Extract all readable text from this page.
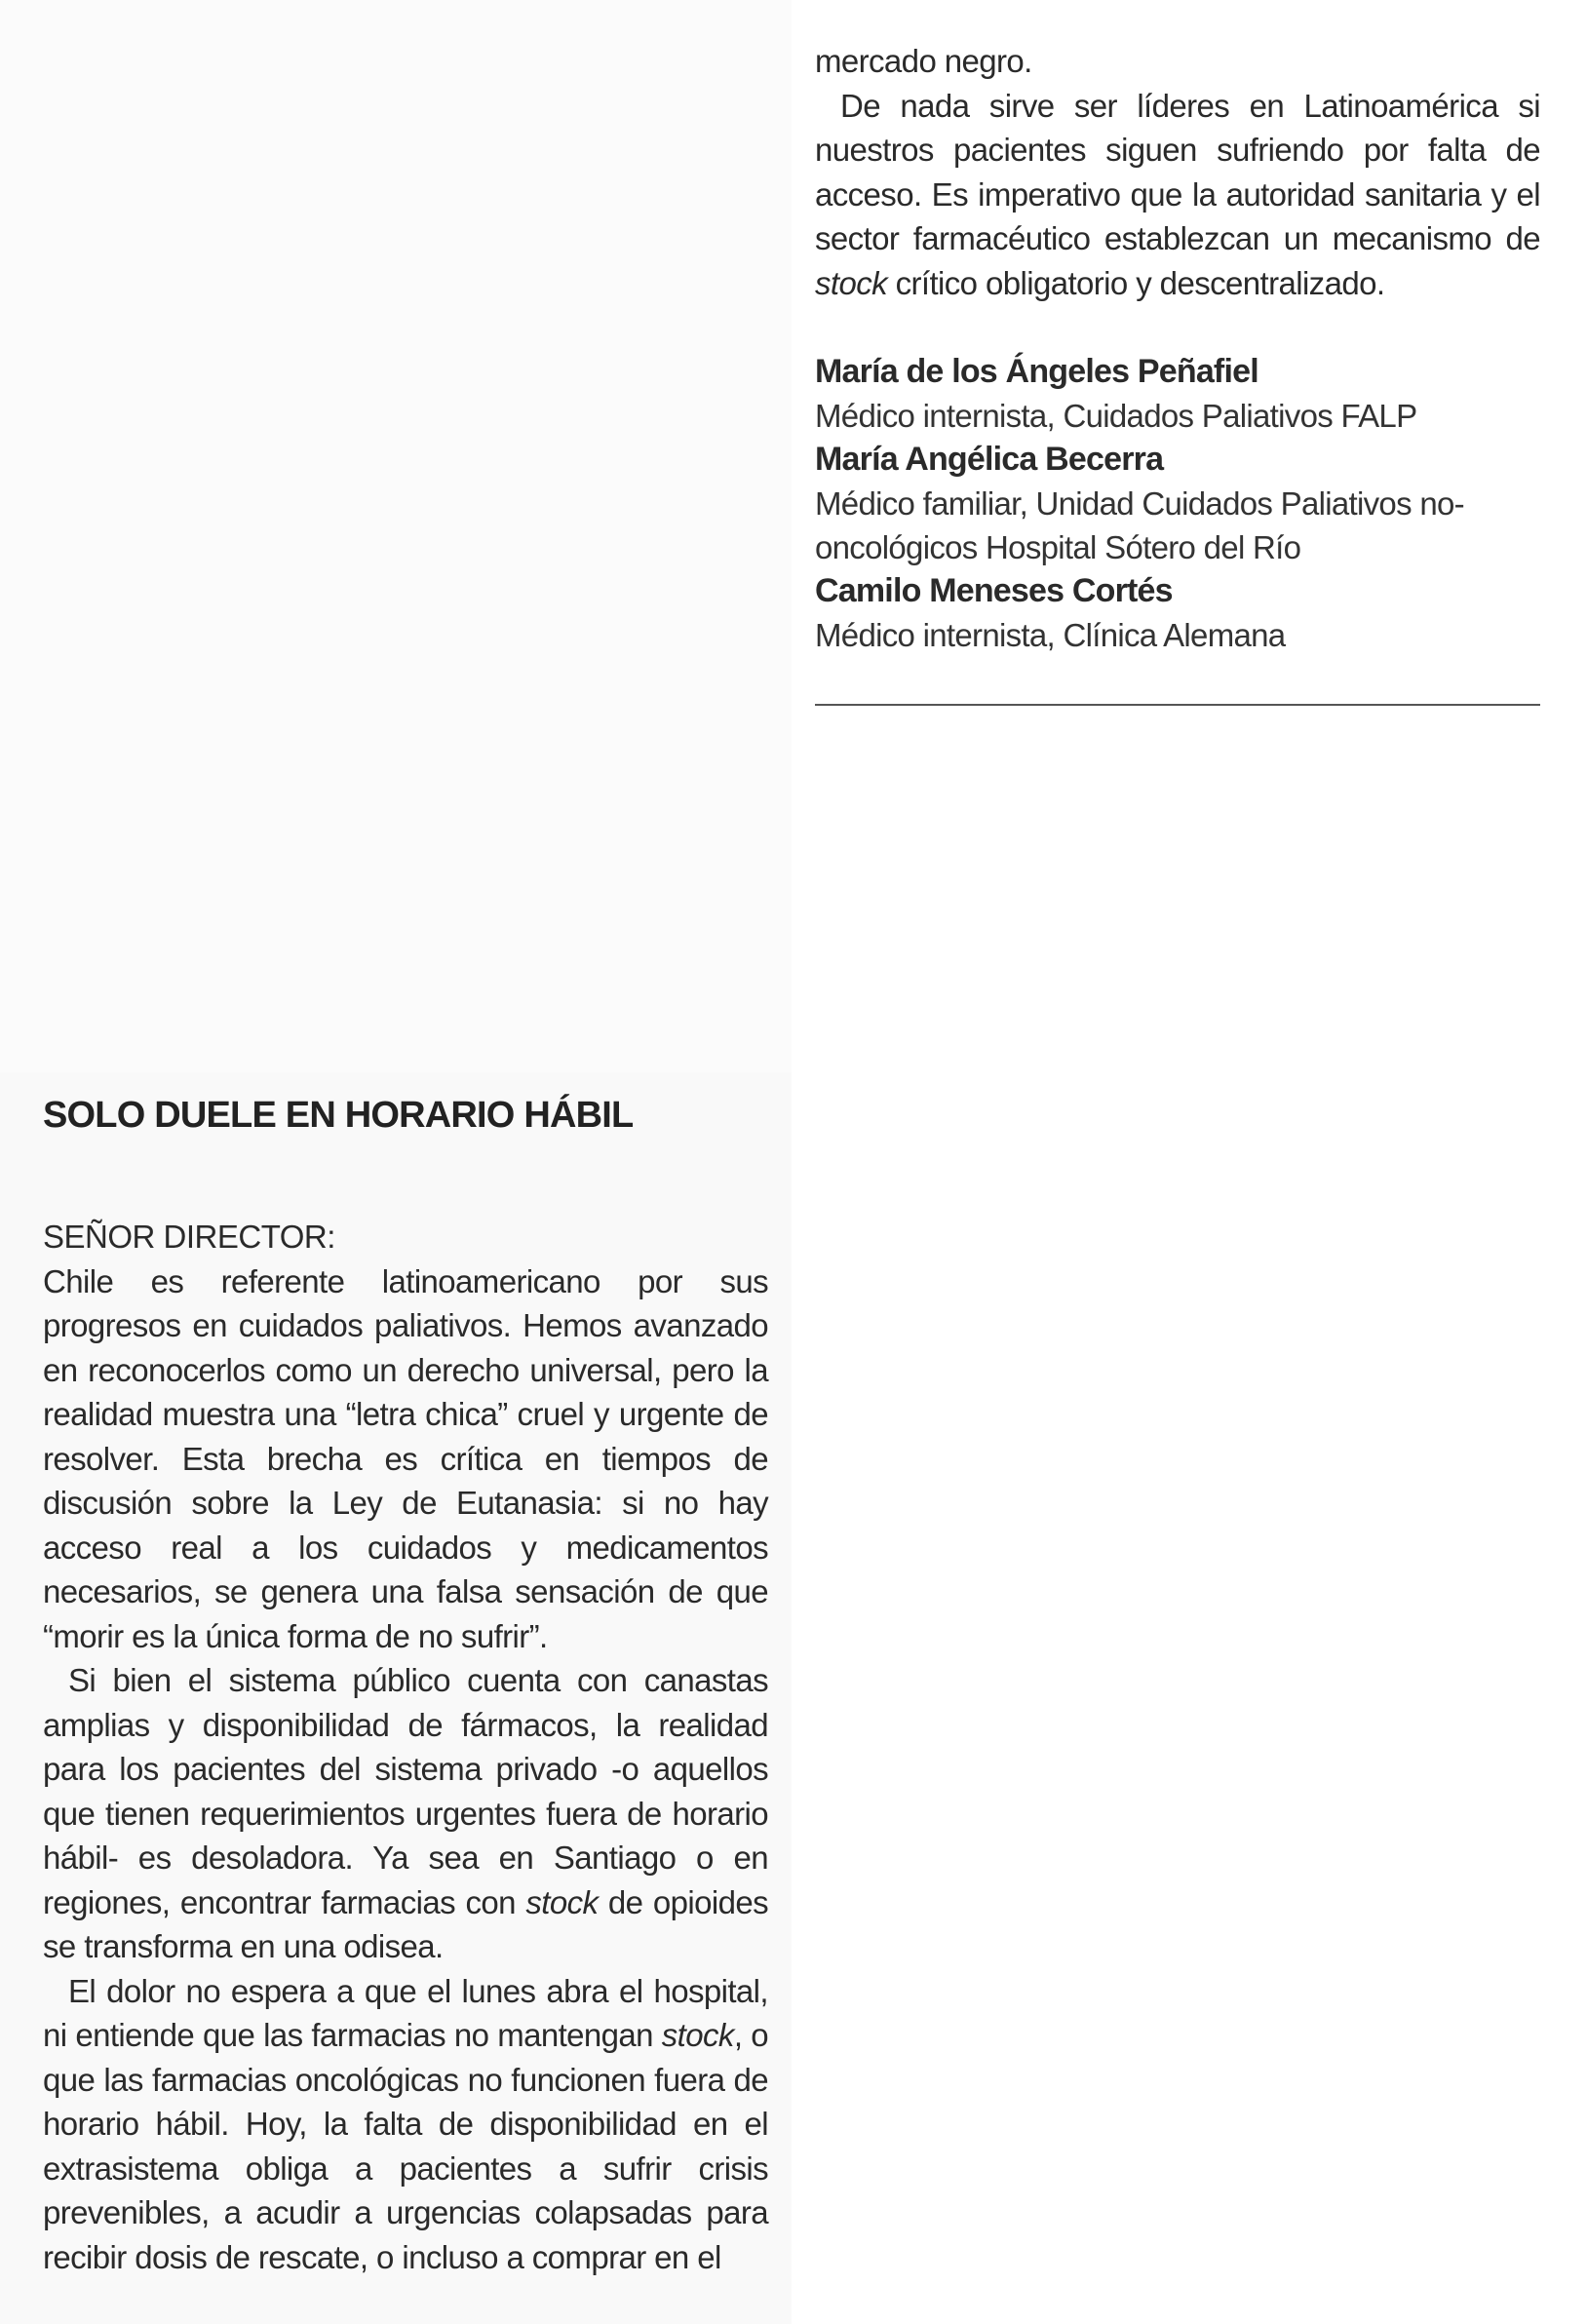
mercado negro.

De nada sirve ser líderes en Latinoamérica si nuestros pacientes siguen sufriendo por falta de acceso. Es imperativo que la autoridad sanitaria y el sector farmacéutico establezcan un mecanismo de stock crítico obligatorio y descentralizado.

María de los Ángeles Peñafiel

Médico internista, Cuidados Paliativos FALP

María Angélica Becerra

Médico familiar, Unidad Cuidados Paliativos no-oncológicos Hospital Sótero del Río

Camilo Meneses Cortés

Médico internista, Clínica Alemana

SOLO DUELE EN HORARIO HÁBIL

SEÑOR DIRECTOR:

Chile es referente latinoamericano por sus progresos en cuidados paliativos. Hemos avanzado en reconocerlos como un derecho universal, pero la realidad muestra una “letra chica” cruel y urgente de resolver. Esta brecha es crítica en tiempos de discusión sobre la Ley de Eutanasia: si no hay acceso real a los cuidados y medicamentos necesarios, se genera una falsa sensación de que “morir es la única forma de no sufrir”.

Si bien el sistema público cuenta con canastas amplias y disponibilidad de fármacos, la realidad para los pacientes del sistema privado -o aquellos que tienen requerimientos urgentes fuera de horario hábil- es desoladora. Ya sea en Santiago o en regiones, encontrar farmacias con stock de opioides se transforma en una odisea.

El dolor no espera a que el lunes abra el hospital, ni entiende que las farmacias no mantengan stock, o que las farmacias oncológicas no funcionen fuera de horario hábil. Hoy, la falta de disponibilidad en el extrasistema obliga a pacientes a sufrir crisis prevenibles, a acudir a urgencias colapsadas para recibir dosis de rescate, o incluso a comprar en el
